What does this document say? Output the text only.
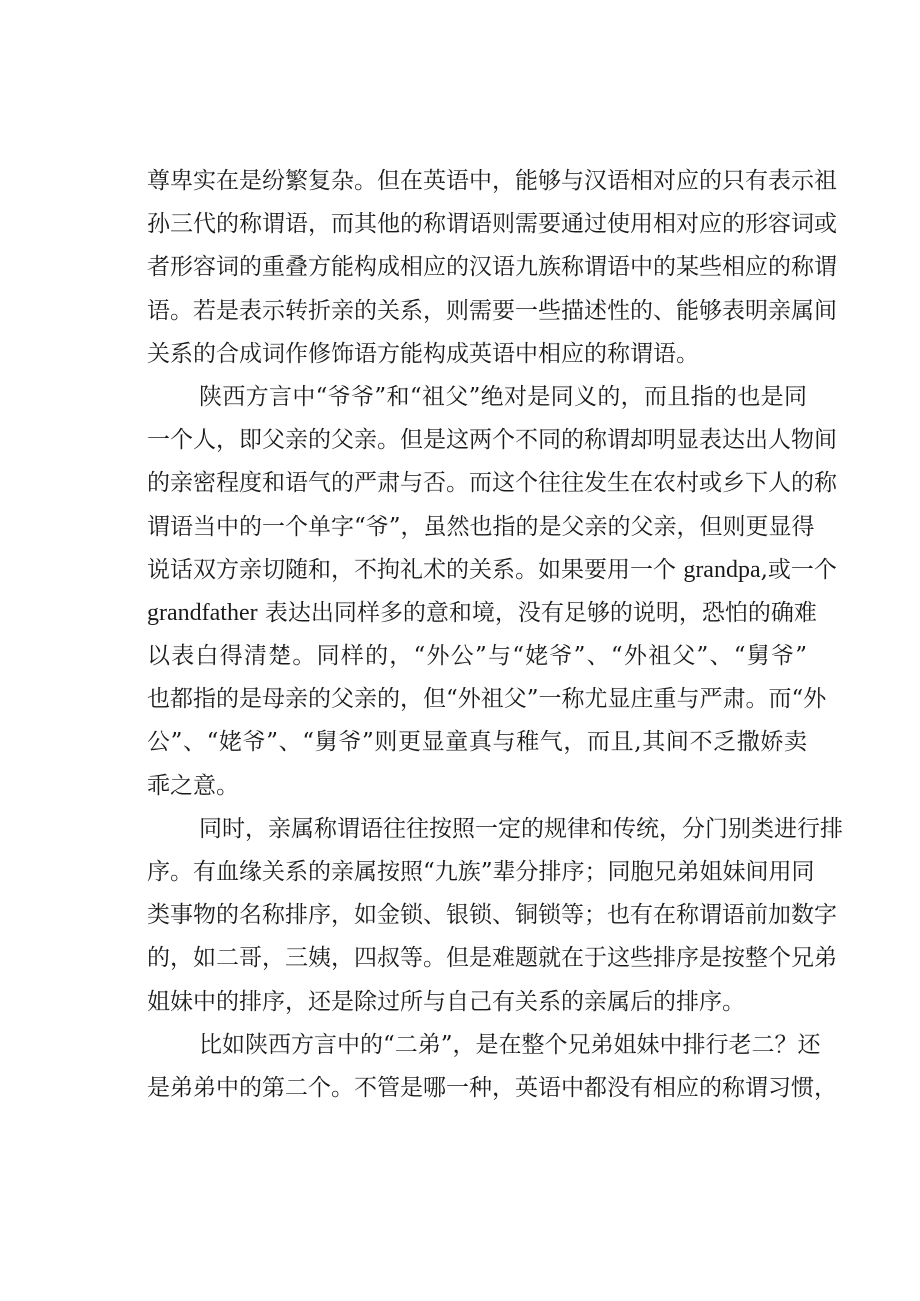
尊卑实在是纷繁复杂。但在英语中，能够与汉语相对应的只有表示祖
孙三代的称谓语，而其他的称谓语则需要通过使用相对应的形容词或
者形容词的重叠方能构成相应的汉语九族称谓语中的某些相应的称谓
语。若是表示转折亲的关系，则需要一些描述性的、能够表明亲属间
关系的合成词作修饰语方能构成英语中相应的称谓语。
陕西方言中“爷爷”和“祖父”绝对是同义的，而且指的也是同
一个人，即父亲的父亲。但是这两个不同的称谓却明显表达出人物间
的亲密程度和语气的严肃与否。而这个往往发生在农村或乡下人的称
谓语当中的一个单字“爷”，虽然也指的是父亲的父亲，但则更显得
说话双方亲切随和，不拘礼术的关系。如果要用一个 grandpa,或一个
grandfather 表达出同样多的意和境，没有足够的说明，恐怕的确难
以表白得清楚。同样的，“外公”与“姥爷”、“外祖父”、“舅爷”
也都指的是母亲的父亲的，但“外祖父”一称尤显庄重与严肃。而“外
公”、“姥爷”、“舅爷”则更显童真与稚气，而且,其间不乏撒娇卖
乖之意。
同时，亲属称谓语往往按照一定的规律和传统，分门别类进行排
序。有血缘关系的亲属按照“九族”辈分排序；同胞兄弟姐妹间用同
类事物的名称排序，如金锁、银锁、铜锁等；也有在称谓语前加数字
的，如二哥，三姨，四叔等。但是难题就在于这些排序是按整个兄弟
姐妹中的排序，还是除过所与自己有关系的亲属后的排序。
比如陕西方言中的“二弟”，是在整个兄弟姐妹中排行老二？还
是弟弟中的第二个。不管是哪一种，英语中都没有相应的称谓习惯，
